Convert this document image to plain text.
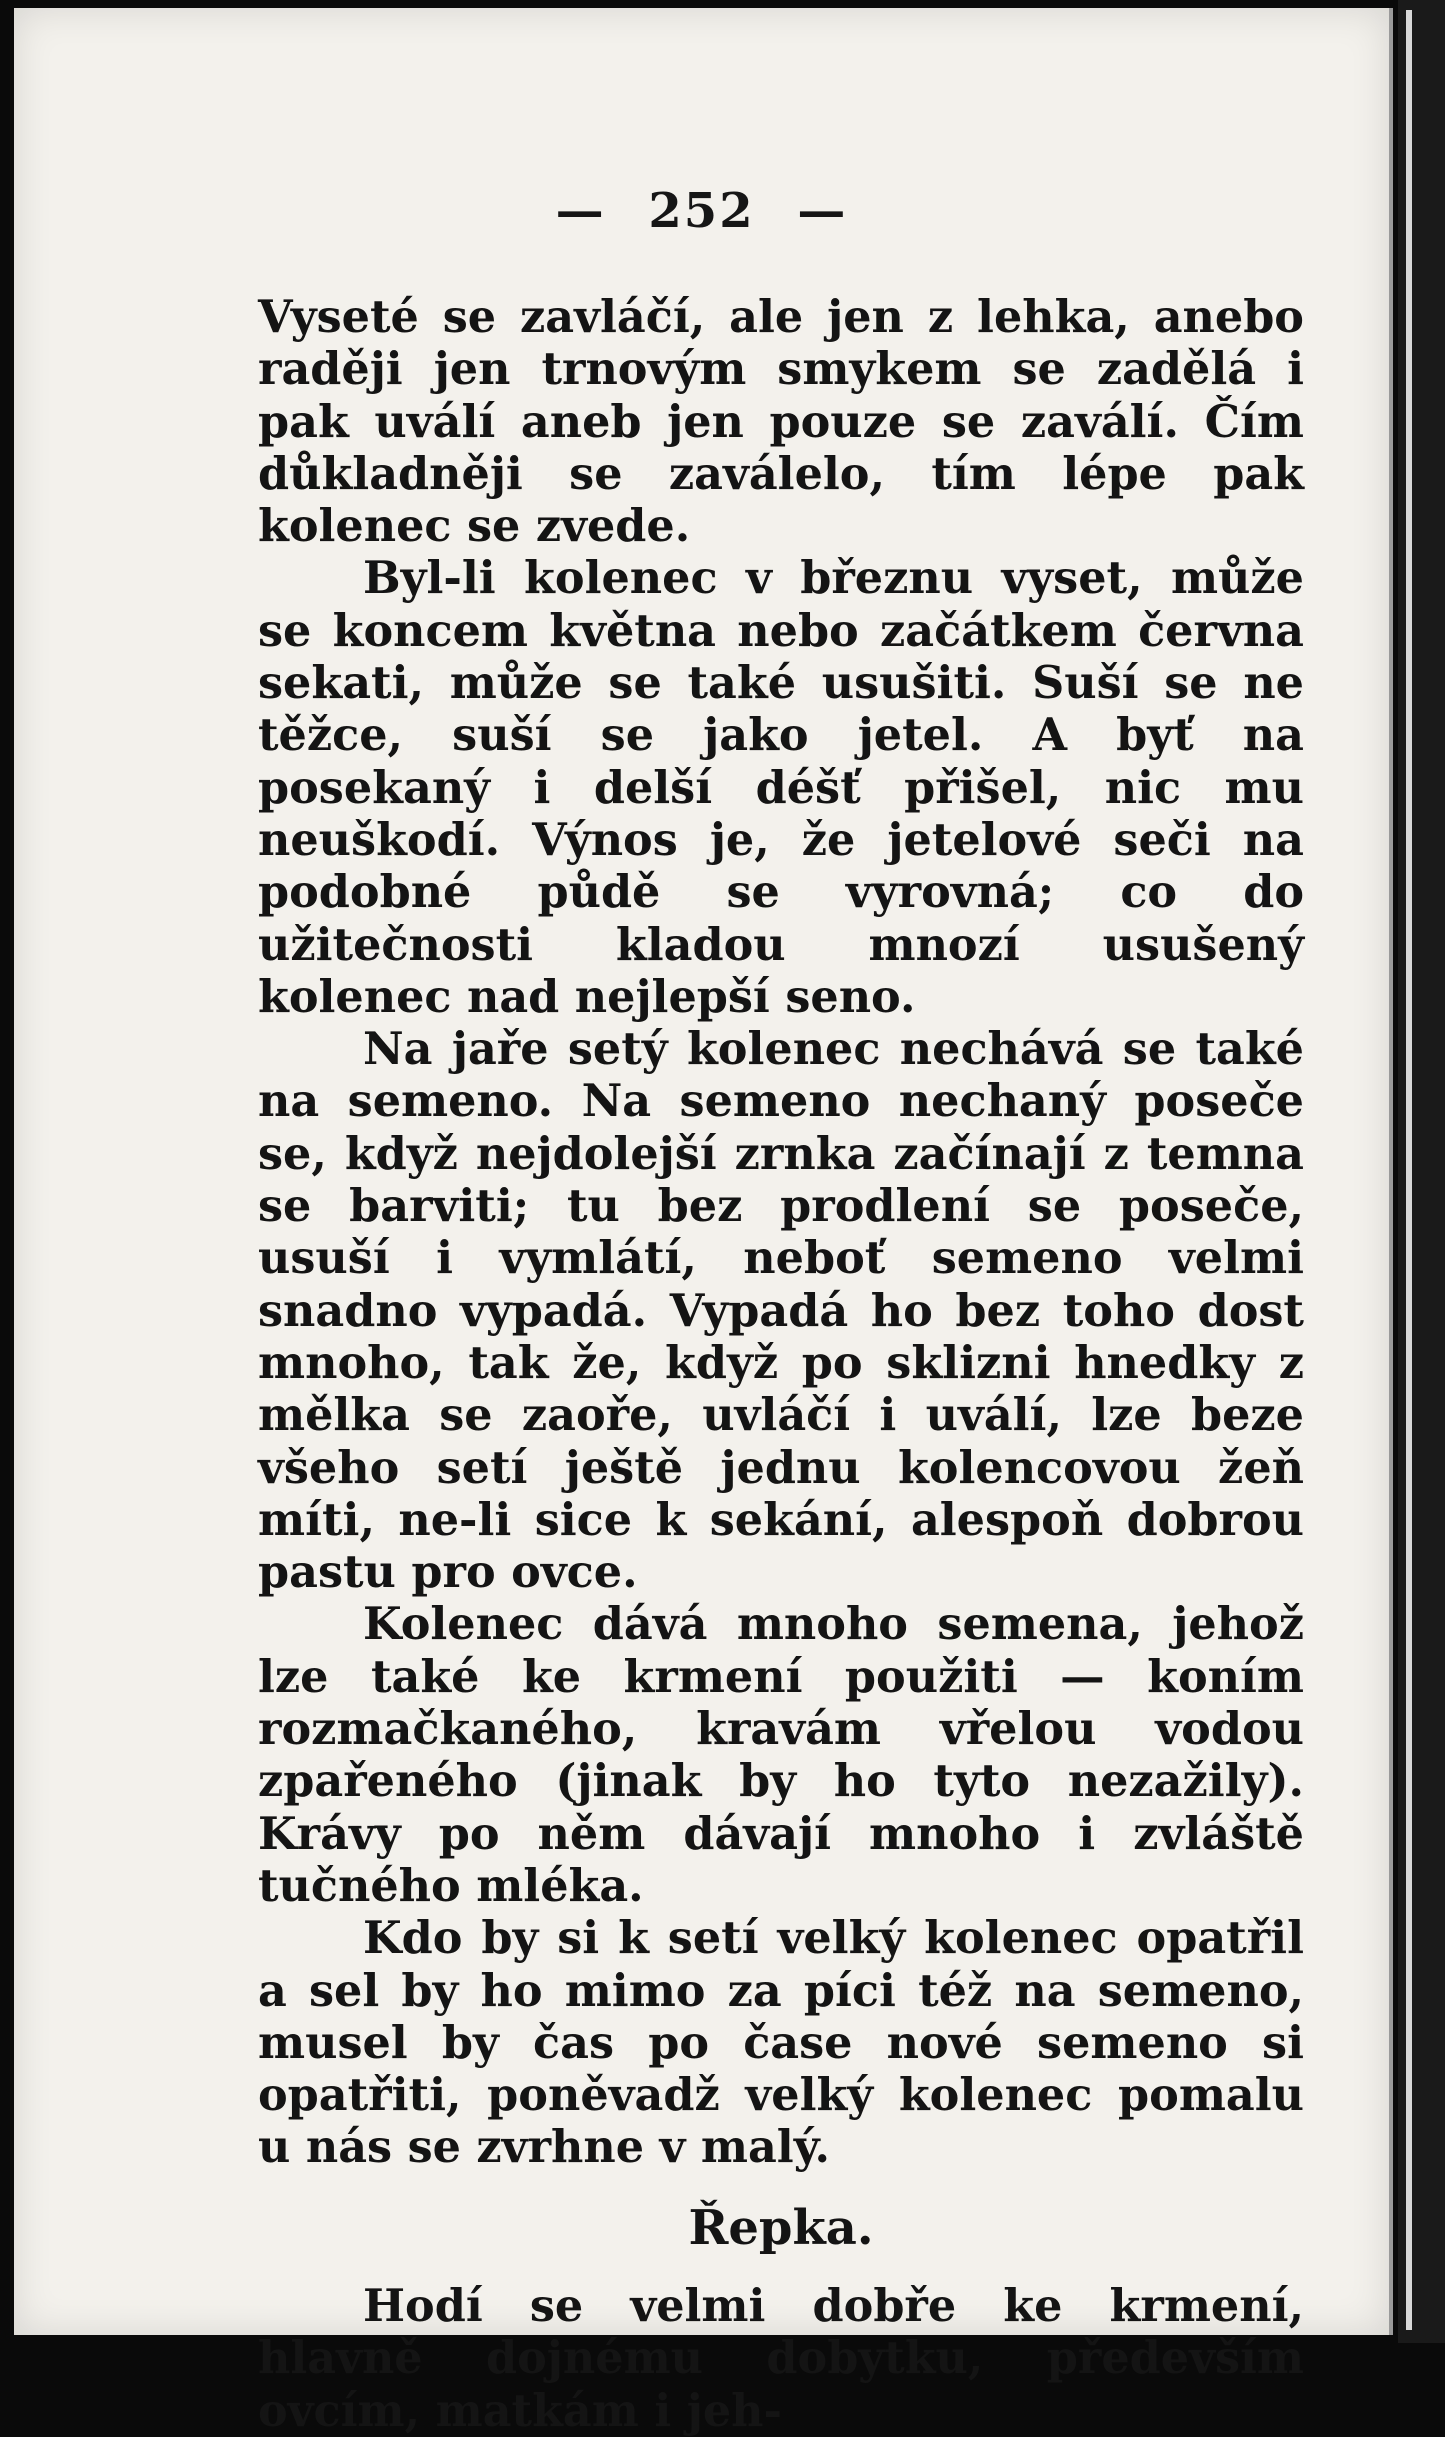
— 252 —

Vyseté se zavláčí, ale jen z lehka, anebo raději jen trnovým smykem se zadělá i pak uválí aneb jen pouze se zaválí. Čím důkladněji se zaválelo, tím lépe pak kolenec se zvede.

Byl-li kolenec v březnu vyset, může se koncem května nebo začátkem června sekati, může se také usušiti. Suší se ne těžce, suší se jako jetel. A byť na posekaný i delší déšť přišel, nic mu neuškodí. Výnos je, že jetelové seči na podobné půdě se vyrovná; co do užitečnosti kladou mnozí usušený kolenec nad nejlepší seno.

Na jaře setý kolenec nechává se také na semeno. Na semeno nechaný poseče se, když nejdolejší zrnka začínají z temna se barviti; tu bez prodlení se poseče, usuší i vymlátí, neboť semeno velmi snadno vypadá. Vypadá ho bez toho dost mnoho, tak že, když po sklizni hnedky z mělka se zaoře, uvláčí i uválí, lze beze všeho setí ještě jednu kolencovou žeň míti, ne-li sice k sekání, alespoň dobrou pastu pro ovce.

Kolenec dává mnoho semena, jehož lze také ke krmení použiti — koním rozmačkaného, kravám vřelou vodou zpařeného (jinak by ho tyto nezažily). Krávy po něm dávají mnoho i zvláště tučného mléka.

Kdo by si k setí velký kolenec opatřil a sel by ho mimo za píci též na semeno, musel by čas po čase nové semeno si opatřiti, poněvadž velký kolenec pomalu u nás se zvrhne v malý.

Řepka.

Hodí se velmi dobře ke krmení, hlavně dojnému dobytku, především ovcím, matkám i jeh-
